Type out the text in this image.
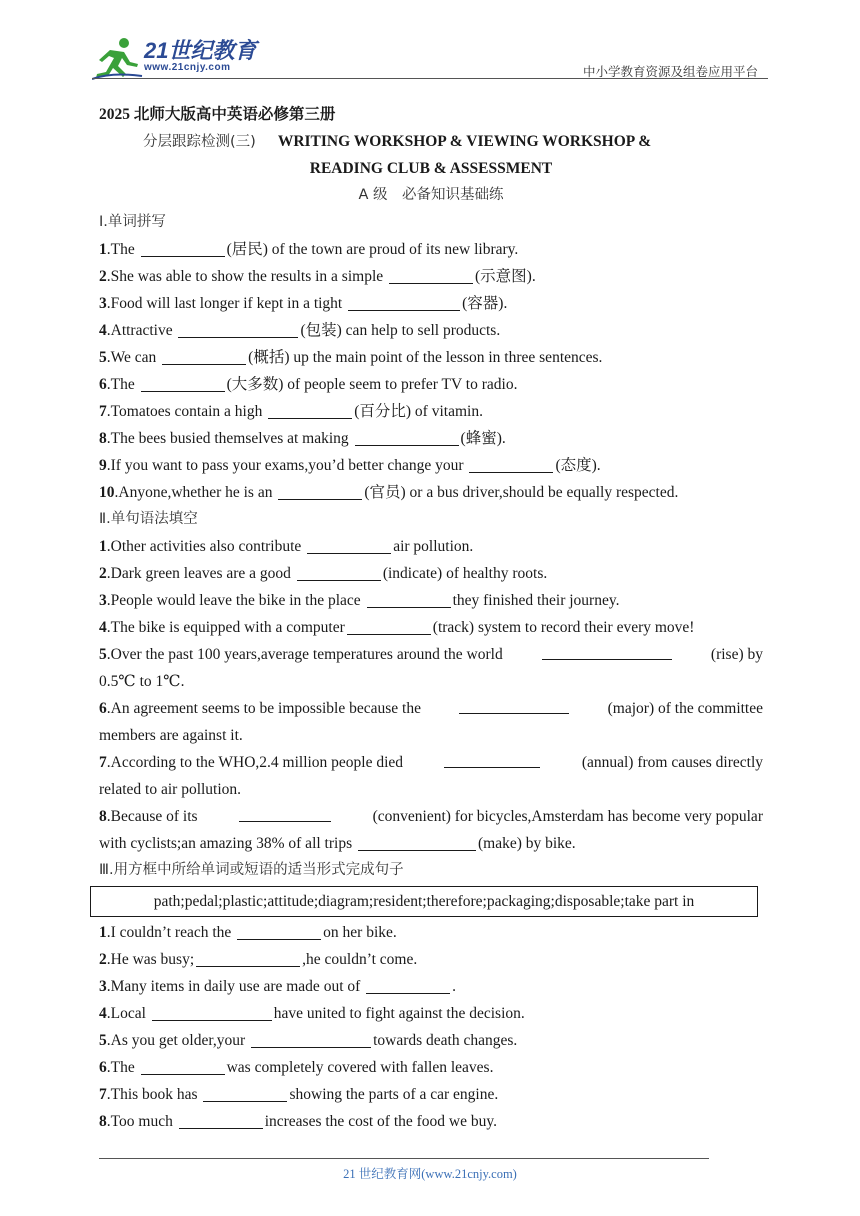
21世纪教育
www.21cnjy.com	中小学教育资源及组卷应用平台
2025 北师大版高中英语必修第三册
分层跟踪检测(三) WRITING WORKSHOP & VIEWING WORKSHOP &
READING CLUB & ASSESSMENT
A 级　必备知识基础练
Ⅰ.单词拼写
1.The	(居民) of the town are proud of its new library.
2.She was able to show the results in a simple	(示意图).
3.Food will last longer if kept in a tight	(容器).
4.Attractive	(包装) can help to sell products.
5.We can	(概括) up the main point of the lesson in three sentences.
6.The	(大多数) of people seem to prefer TV to radio.
7.Tomatoes contain a high	(百分比) of vitamin.
8.The bees busied themselves at making	(蜂蜜).
9.If you want to pass your exams,you’d better change your	(态度).
10.Anyone,whether he is an	(官员) or a bus driver,should be equally respected.
Ⅱ.单句语法填空
1.Other activities also contribute	air pollution.
2.Dark green leaves are a good	(indicate) of healthy roots.
3.People would leave the bike in the place	they finished their journey.
4.The bike is equipped with a computer	(track) system to record their every move!
5.Over the past 100 years,average temperatures around the world	(rise) by
0.5℃ to 1℃.
6.An agreement seems to be impossible because the	(major) of the committee
members are against it.
7.According to the WHO,2.4 million people died	(annual) from causes directly
related to air pollution.
8.Because of its	(convenient) for bicycles,Amsterdam has become very popular
with cyclists;an amazing 38% of all trips	(make) by bike.
Ⅲ.用方框中所给单词或短语的适当形式完成句子
path;pedal;plastic;attitude;diagram;resident;therefore;packaging;disposable;take part in
1.I couldn’t reach the	on her bike.
2.He was busy;	,he couldn’t come.
3.Many items in daily use are made out of	.
4.Local	have united to fight against the decision.
5.As you get older,your	towards death changes.
6.The	was completely covered with fallen leaves.
7.This book has	showing the parts of a car engine.
8.Too much	increases the cost of the food we buy.
21 世纪教育网(www.21cnjy.com)
